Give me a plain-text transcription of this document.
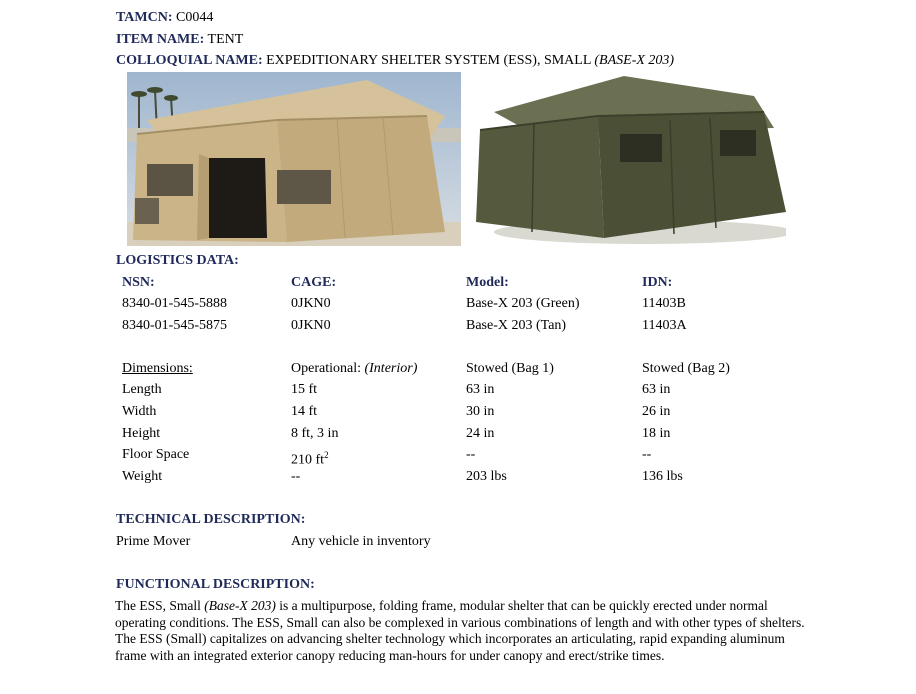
TAMCN: C0044
ITEM NAME: TENT
COLLOQUIAL NAME: EXPEDITIONARY SHELTER SYSTEM (ESS), SMALL (BASE-X 203)
LOGISTICS DATA:
NSN:	CAGE:	Model:	IDN:
8340-01-545-5888	0JKN0	Base-X 203 (Green)	11403B
8340-01-545-5875	0JKN0	Base-X 203 (Tan)	11403A
Dimensions:	Operational: (Interior)	Stowed (Bag 1)	Stowed (Bag 2)
Length	15 ft	63 in	63 in
Width	14 ft	30 in	26 in
Height	8 ft, 3 in	24 in	18 in
Floor Space	210 $ft^2$	--	--
Weight	--	203 lbs	136 lbs
TECHNICAL DESCRIPTION:
Prime Mover	Any vehicle in inventory
FUNCTIONAL DESCRIPTION:
The ESS, Small (Base-X 203) is a multipurpose, folding frame, modular shelter that can be quickly erected under normal operating conditions. The ESS, Small can also be complexed in various combinations of length and with other types of shelters. The ESS (Small) capitalizes on advancing shelter technology which incorporates an articulating, rapid expanding aluminum frame with an integrated exterior canopy reducing man-hours for under canopy and erect/strike times.
